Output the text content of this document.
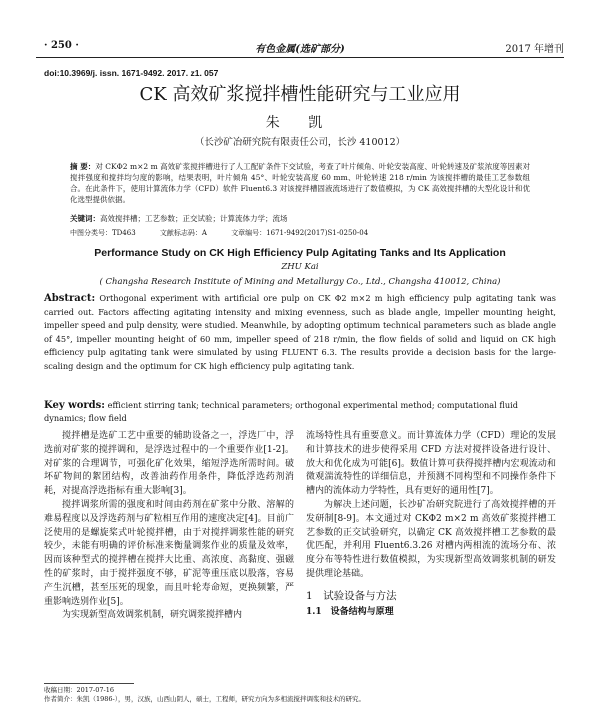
· 250 ·	有色金属(选矿部分)	2017 年增刊
doi:10.3969/j. issn. 1671-9492. 2017. z1. 057
CK 高效矿浆搅拌槽性能研究与工业应用
朱 凯
（长沙矿冶研究院有限责任公司，长沙 410012）
摘 要：对 CKΦ2 m×2 m 高效矿浆搅拌槽进行了人工配矿条件下交试验，考查了叶片倾角、叶轮安装高度、叶轮转速及矿浆浓度等因素对搅拌强度和搅拌均匀度的影响，结果表明，叶片倾角 45°、叶轮安装高度 60 mm、叶轮转速 218 r/min 为该搅拌槽的最佳工艺参数组合。在此条件下，使用计算流体力学（CFD）软件 Fluent6.3 对该搅拌槽固液流场进行了数值模拟，为 CK 高效搅拌槽的大型化设计和优化选型提供依据。
关键词：高效搅拌槽；工艺参数；正交试验；计算流体力学；流场
中图分类号：TD463	文献标志码：A	文章编号：1671-9492(2017)S1-0250-04
Performance Study on CK High Efficiency Pulp Agitating Tanks and Its Application
ZHU Kai
( Changsha Research Institute of Mining and Metallurgy Co., Ltd., Changsha 410012, China)
Abstract: Orthogonal experiment with artificial ore pulp on CK Φ2 m×2 m high efficiency pulp agitating tank was carried out. Factors affecting agitating intensity and mixing evenness, such as blade angle, impeller mounting height, impeller speed and pulp density, were studied. Meanwhile, by adopting optimum technical parameters such as blade angle of 45°, impeller mounting height of 60 mm, impeller speed of 218 r/min, the flow fields of solid and liquid on CK high efficiency pulp agitating tank were simulated by using FLUENT 6.3. The results provide a decision basis for the large-scaling design and the optimum for CK high efficiency pulp agitating tank.
Key words: efficient stirring tank; technical parameters; orthogonal experimental method; computational fluid dynamics; flow field

搅拌槽是选矿工艺中重要的辅助设备之一，浮选厂中，浮选前对矿浆的搅拌调和，是浮选过程中的一个重要作业[1-2]。对矿浆的合理调节，可强化矿化效果，缩短浮选所需时间。破坏矿物间的絮团结构，改善油药作用条件，降低浮选药剂消耗，对提高浮选指标有重大影响[3]。

搅拌调浆所需的强度和时间由药剂在矿浆中分散、溶解的难易程度以及浮选药剂与矿粒相互作用的速度决定[4]。目前广泛使用的是螺旋桨式叶轮搅拌槽，由于对搅拌调浆性能的研究较少，未能有明确的评价标准来衡量调浆作业的质量及效率，因而该种型式的搅拌槽在搅拌大比重、高浓度、高黏度、强磁性的矿浆时，由于搅拌强度不够，矿泥等重压底以股落，容易产生沉槽，甚至压死的现象，而且叶轮寿命短，更换频繁，严重影响选别作业[5]。

为实现新型高效调浆机制，研究调浆搅拌槽内

流场特性具有重要意义。而计算流体力学（CFD）理论的发展和计算技术的进步使得采用 CFD 方法对搅拌设备进行设计、放大和优化成为可能[6]。数值计算可获得搅拌槽内宏观流动和微观湍流特性的详细信息，并预测不同构型和不同操作条件下槽内的流体动力学特性，具有更好的通用性[7]。

为解决上述问题，长沙矿冶研究院进行了高效搅拌槽的开发研制[8-9]。本文通过对 CKΦ2 m×2 m 高效矿浆搅拌槽工艺参数的正交试验研究，以确定 CK 高效搅拌槽工艺参数的最优匹配，并利用 Fluent6.3.26 对槽内两相流的流场分布、浓度分布等特性进行数值模拟，为实现新型高效调浆机制的研发提供理论基础。

1　试验设备与方法
1.1　设备结构与原理
收稿日期：2017-07-16
作者简介：朱凯（1986-），男，汉族，山西山阴人，硕士，工程师，研究方向为多相流搅拌调浆和技术的研究。
